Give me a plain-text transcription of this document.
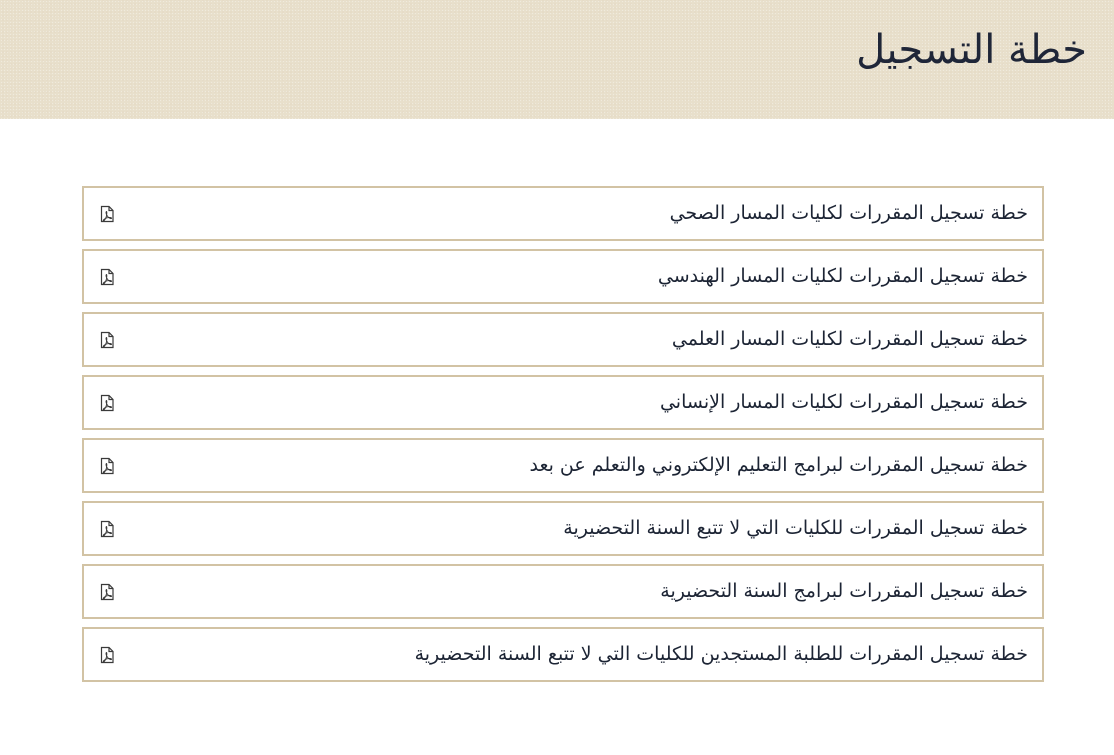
خطة التسجيل
خطة تسجيل المقررات لكليات المسار الصحي
خطة تسجيل المقررات لكليات المسار الهندسي
خطة تسجيل المقررات لكليات المسار العلمي
خطة تسجيل المقررات لكليات المسار الإنساني
خطة تسجيل المقررات لبرامج التعليم الإلكتروني والتعلم عن بعد
خطة تسجيل المقررات للكليات التي لا تتبع السنة التحضيرية
خطة تسجيل المقررات لبرامج السنة التحضيرية
خطة تسجيل المقررات للطلبة المستجدين للكليات التي لا تتبع السنة التحضيرية
